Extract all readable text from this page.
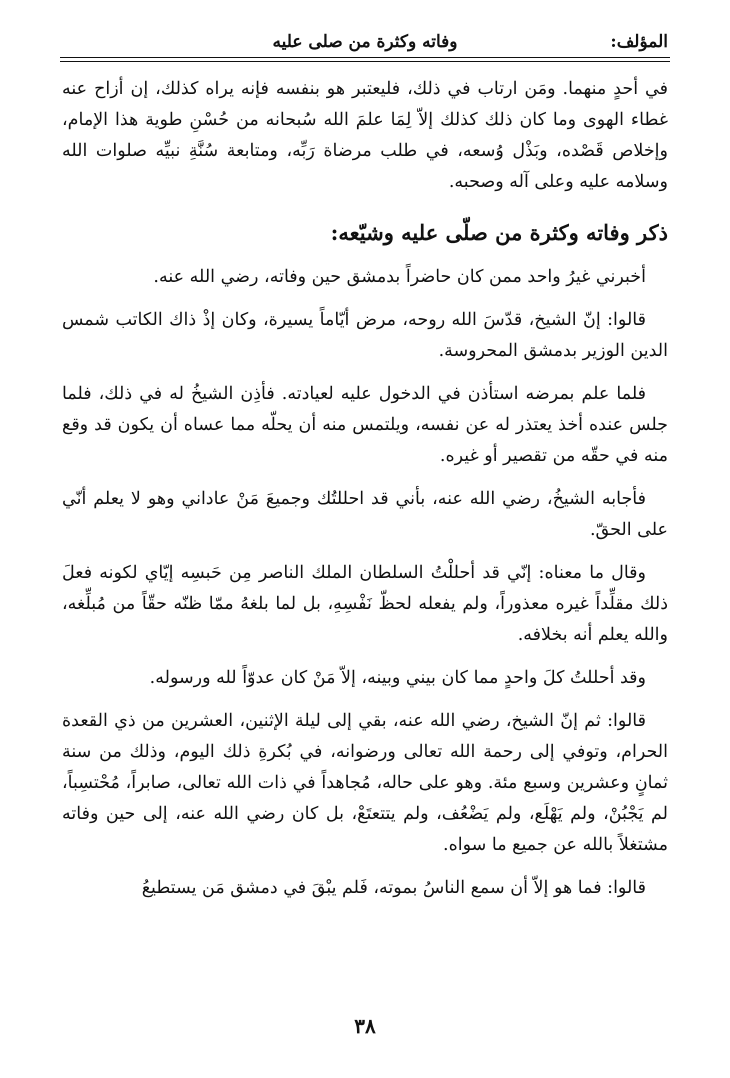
المؤلف:
وفاته وكثرة من صلى عليه

في أحدٍ منهما. ومَن ارتاب في ذلك، فليعتبر هو بنفسه فإنه يراه كذلك، إن أزاح عنه غطاء الهوى وما كان ذلك كذلك إلاّ لِمَا علمَ الله سُبحانه من حُسْنِ طوية هذا الإمام، وإخلاص قَصْده، وبَذْل وُسعه، في طلب مرضاة رَبِّه، ومتابعة سُنَّةِ نبيِّه صلوات الله وسلامه عليه وعلى آله وصحبه.

ذكر وفاته وكثرة من صلّى عليه وشيّعه:

أخبرني غيرُ واحد ممن كان حاضراً بدمشق حين وفاته، رضي الله عنه.

قالوا: إنّ الشيخ، قدّسَ الله روحه، مرض أيّاماً يسيرة، وكان إذْ ذاك الكاتب شمس الدين الوزير بدمشق المحروسة.

فلما علم بمرضه استأذن في الدخول عليه لعيادته. فأذِن الشيخُ له في ذلك، فلما جلس عنده أخذ يعتذر له عن نفسه، ويلتمس منه أن يحلّه مما عساه أن يكون قد وقع منه في حقّه من تقصير أو غيره.

فأجابه الشيخُ، رضي الله عنه، بأني قد احللتُك وجميعَ مَنْ عاداني وهو لا يعلم أنّي على الحقّ.

وقال ما معناه: إنّي قد أحللْتُ السلطان الملك الناصر مِن حَبسِه إيّاي لكونه فعلَ ذلك مقلِّداً غيره معذوراً، ولم يفعله لحظّ نَفْسِهِ، بل لما بلغهُ ممّا ظنّه حقّاً من مُبلِّغه، والله يعلم أنه بخلافه.

وقد أحللتُ كلَ واحدٍ مما كان بيني وبينه، إلاّ مَنْ كان عدوّاً لله ورسوله.

قالوا: ثم إنّ الشيخ، رضي الله عنه، بقي إلى ليلة الإثنين، العشرين من ذي القعدة الحرام، وتوفي إلى رحمة الله تعالى ورضوانه، في بُكرةِ ذلك اليوم، وذلك من سنة ثمانٍ وعشرين وسبع مئة. وهو على حاله، مُجاهداً في ذات الله تعالى، صابراً، مُحْتسِباً، لم يَجْبُنْ، ولم يَهْلَع، ولم يَضْعُف، ولم يتتعتَعْ، بل كان رضي الله عنه، إلى حين وفاته مشتغلاً بالله عن جميع ما سواه.

قالوا: فما هو إلاّ أن سمع الناسُ بموته، فَلم يبْقَ في دمشق مَن يستطيعُ

٣٨
